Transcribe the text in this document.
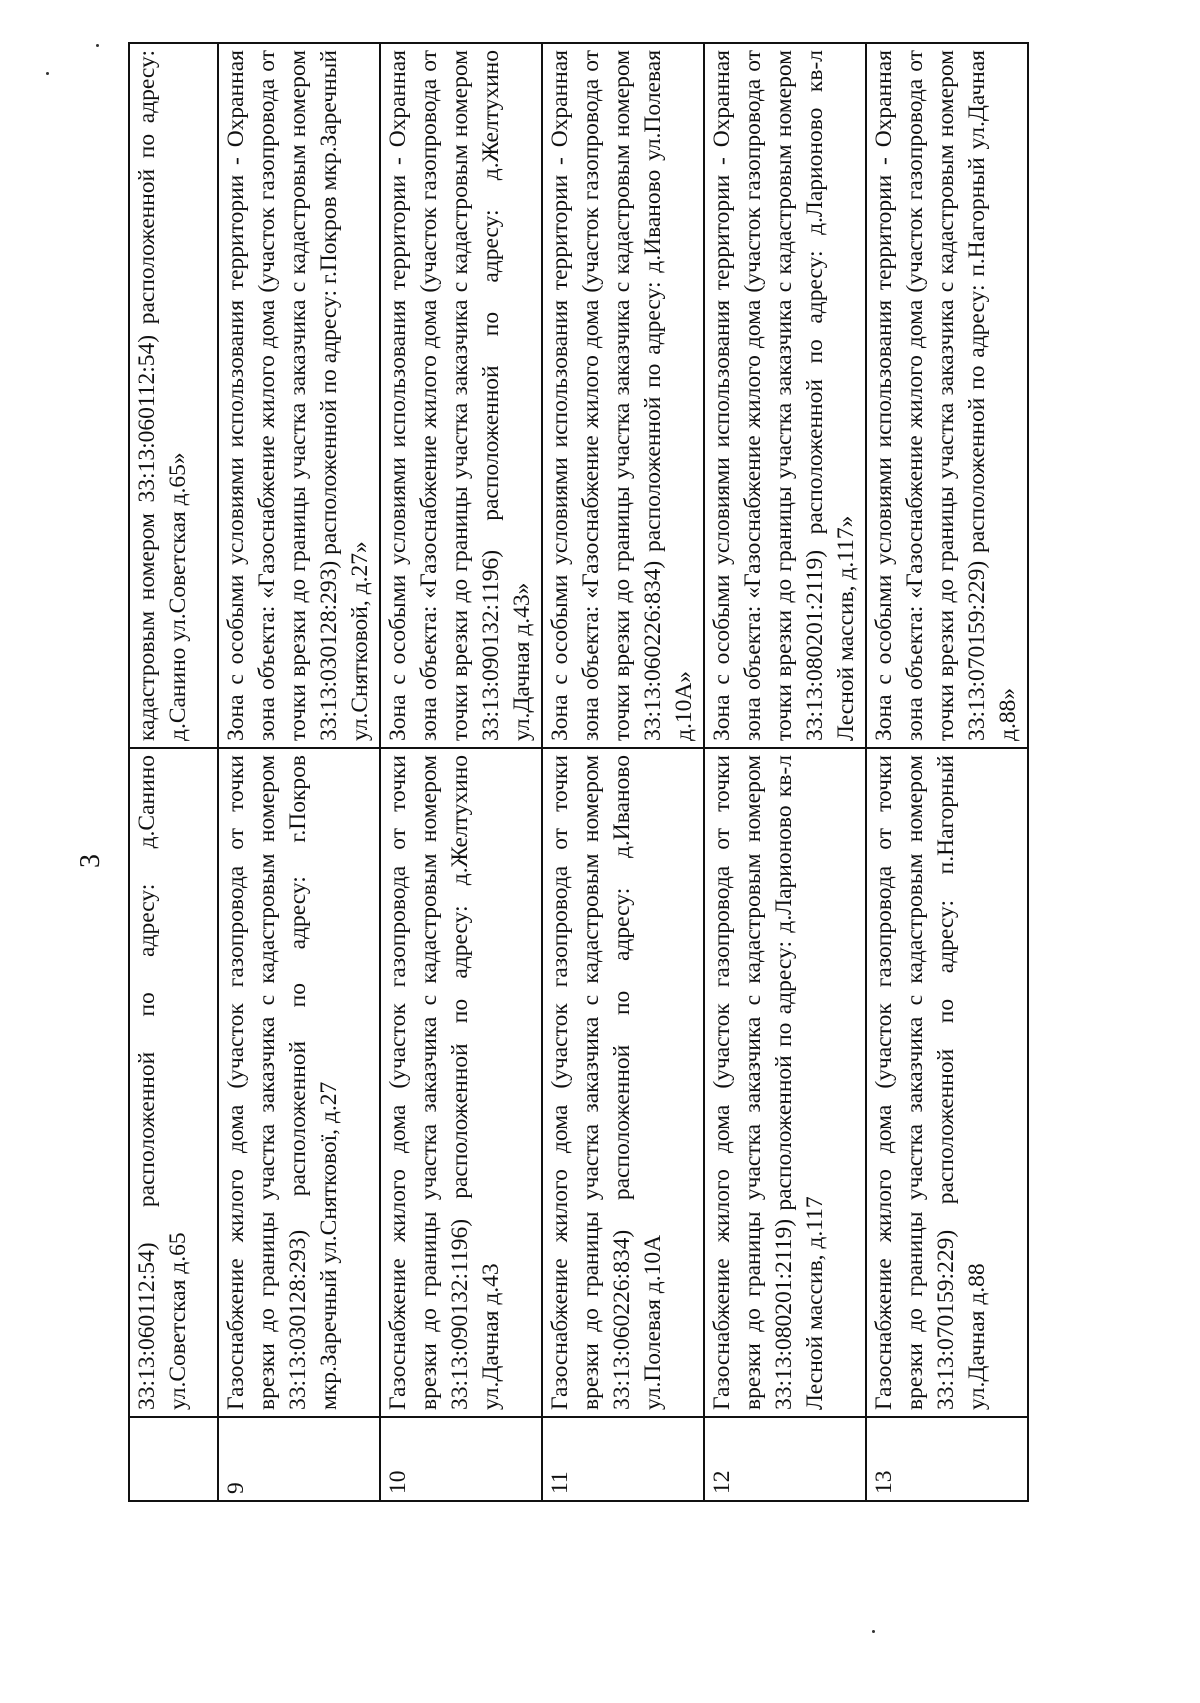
3
	33:13:060112:54) расположенной по адресу: д.Санино ул.Советская д.65	кадастровым номером 33:13:060112:54) расположенной по адресу: д.Санино ул.Советская д.65»
9	Газоснабжение жилого дома (участок газопровода от точки врезки до границы участка заказчика с кадастровым номером 33:13:030128:293) расположенной по адресу: г.Покров мкр.Заречный ул.Сняткової, д.27	Зона с особыми условиями использования территории - Охранная зона объекта: «Газоснабжение жилого дома (участок газопровода от точки врезки до границы участка заказчика с кадастровым номером 33:13:030128:293) расположенной по адресу: г.Покров мкр.Заречный ул.Снятковой, д.27»
10	Газоснабжение жилого дома (участок газопровода от точки врезки до границы участка заказчика с кадастровым номером 33:13:090132:1196) расположенной по адресу: д.Желтухино ул.Дачная д.43	Зона с особыми условиями использования территории - Охранная зона объекта: «Газоснабжение жилого дома (участок газопровода от точки врезки до границы участка заказчика с кадастровым номером 33:13:090132:1196) расположенной по адресу: д.Желтухино ул.Дачная д.43»
11	Газоснабжение жилого дома (участок газопровода от точки врезки до границы участка заказчика с кадастровым номером 33:13:060226:834) расположенной по адресу: д.Иваново ул.Полевая д.10А	Зона с особыми условиями использования территории - Охранная зона объекта: «Газоснабжение жилого дома (участок газопровода от точки врезки до границы участка заказчика с кадастровым номером 33:13:060226:834) расположенной по адресу: д.Иваново ул.Полевая д.10А»
12	Газоснабжение жилого дома (участок газопровода от точки врезки до границы участка заказчика с кадастровым номером 33:13:080201:2119) расположенной по адресу: д.Ларионово кв-л Лесной массив, д.117	Зона с особыми условиями использования территории - Охранная зона объекта: «Газоснабжение жилого дома (участок газопровода от точки врезки до границы участка заказчика с кадастровым номером 33:13:080201:2119) расположенной по адресу: д.Ларионово кв-л Лесной массив, д.117»
13	Газоснабжение жилого дома (участок газопровода от точки врезки до границы участка заказчика с кадастровым номером 33:13:070159:229) расположенной по адресу: п.Нагорный ул.Дачная д.88	Зона с особыми условиями использования территории - Охранная зона объекта: «Газоснабжение жилого дома (участок газопровода от точки врезки до границы участка заказчика с кадастровым номером 33:13:070159:229) расположенной по адресу: п.Нагорный ул.Дачная д.88»
